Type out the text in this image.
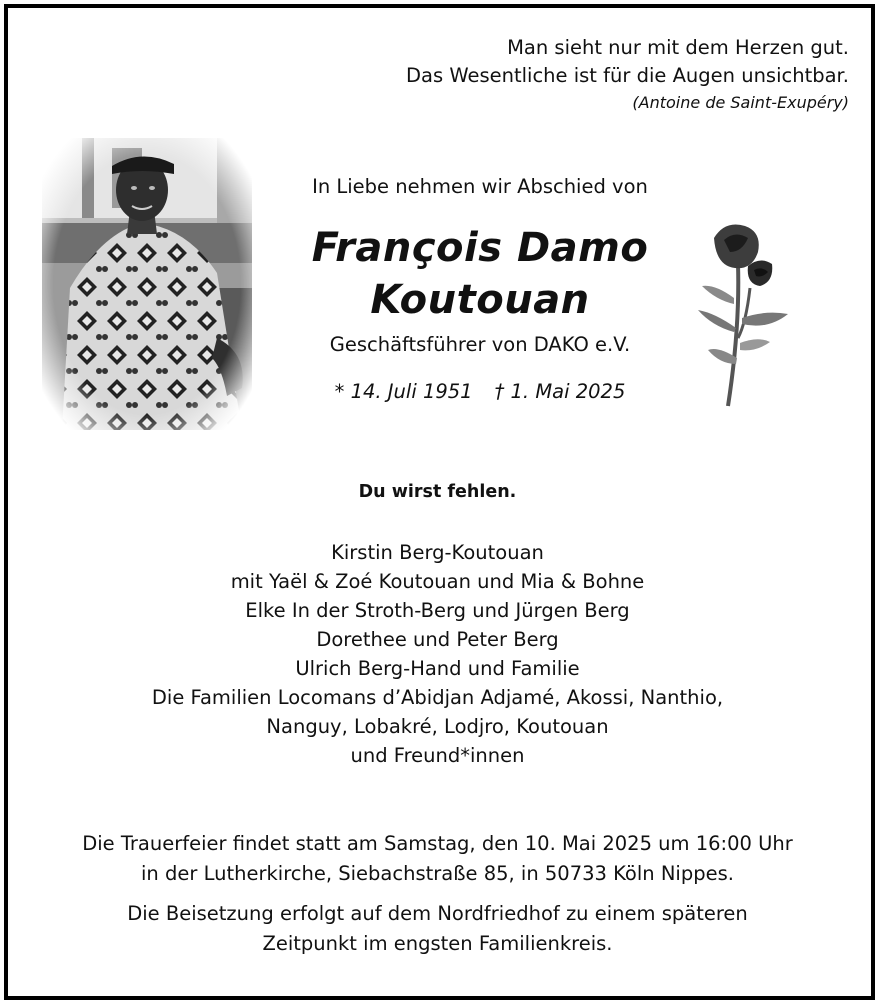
Man sieht nur mit dem Herzen gut.
Das Wesentliche ist für die Augen unsichtbar.
(Antoine de Saint-Exupéry)
In Liebe nehmen wir Abschied von
François Damo
Koutouan
Geschäftsführer von DAKO e.V.
* 14. Juli 1951 † 1. Mai 2025
Du wirst fehlen.
Kirstin Berg-Koutouan
mit Yaël & Zoé Koutouan und Mia & Bohne
Elke In der Stroth-Berg und Jürgen Berg
Dorethee und Peter Berg
Ulrich Berg-Hand und Familie
Die Familien Locomans d’Abidjan Adjamé, Akossi, Nanthio,
Nanguy, Lobakré, Lodjro, Koutouan
und Freund*innen
Die Trauerfeier findet statt am Samstag, den 10. Mai 2025 um 16:00 Uhr
in der Lutherkirche, Siebachstraße 85, in 50733 Köln Nippes.
Die Beisetzung erfolgt auf dem Nordfriedhof zu einem späteren
Zeitpunkt im engsten Familienkreis.
